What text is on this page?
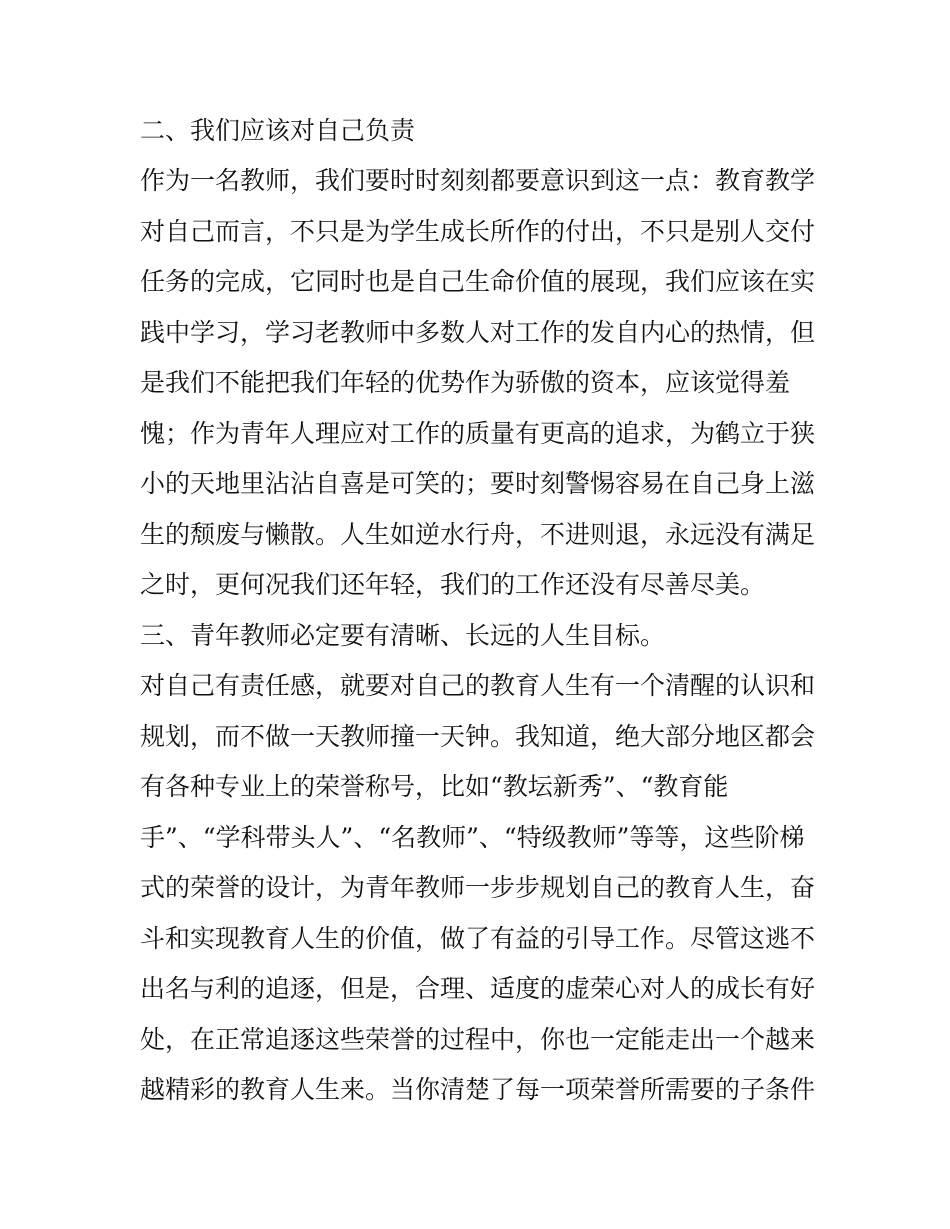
二、我们应该对自己负责

作为一名教师，我们要时时刻刻都要意识到这一点：教育教学

对自己而言，不只是为学生成长所作的付出，不只是别人交付

任务的完成，它同时也是自己生命价值的展现，我们应该在实

践中学习，学习老教师中多数人对工作的发自内心的热情，但

是我们不能把我们年轻的优势作为骄傲的资本，应该觉得羞

愧；作为青年人理应对工作的质量有更高的追求，为鹤立于狭

小的天地里沾沾自喜是可笑的；要时刻警惕容易在自己身上滋

生的颓废与懒散。人生如逆水行舟，不进则退，永远没有满足

之时，更何况我们还年轻，我们的工作还没有尽善尽美。

三、青年教师必定要有清晰、长远的人生目标。

对自己有责任感，就要对自己的教育人生有一个清醒的认识和

规划，而不做一天教师撞一天钟。我知道，绝大部分地区都会

有各种专业上的荣誉称号，比如“教坛新秀”、“教育能

手”、“学科带头人”、“名教师”、“特级教师”等等，这些阶梯

式的荣誉的设计，为青年教师一步步规划自己的教育人生，奋

斗和实现教育人生的价值，做了有益的引导工作。尽管这逃不

出名与利的追逐，但是，合理、适度的虚荣心对人的成长有好

处，在正常追逐这些荣誉的过程中，你也一定能走出一个越来

越精彩的教育人生来。当你清楚了每一项荣誉所需要的子条件
